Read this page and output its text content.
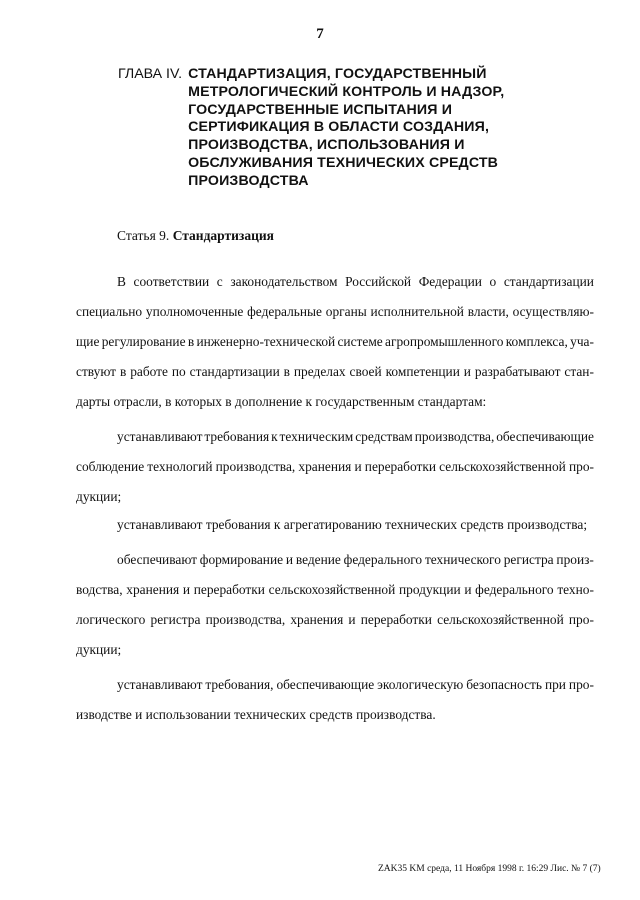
7
ГЛАВА IV. СТАНДАРТИЗАЦИЯ, ГОСУДАРСТВЕННЫЙ
МЕТРОЛОГИЧЕСКИЙ КОНТРОЛЬ И НАДЗОР,
ГОСУДАРСТВЕННЫЕ ИСПЫТАНИЯ И
СЕРТИФИКАЦИЯ В ОБЛАСТИ СОЗДАНИЯ,
ПРОИЗВОДСТВА, ИСПОЛЬЗОВАНИЯ И
ОБСЛУЖИВАНИЯ ТЕХНИЧЕСКИХ СРЕДСТВ
ПРОИЗВОДСТВА
Статья 9. Стандартизация
В соответствии с законодательством Российской Федерации о стандартизации
специально уполномоченные федеральные органы исполнительной власти, осуществляю-
щие регулирование в инженерно-технической системе агропромышленного комплекса, уча-
ствуют в работе по стандартизации в пределах своей компетенции и разрабатывают стан-
дарты отрасли, в которых в дополнение к государственным стандартам:
устанавливают требования к техническим средствам производства, обеспечивающие
соблюдение технологий производства, хранения и переработки сельскохозяйственной про-
дукции;
устанавливают требования к агрегатированию технических средств производства;
обеспечивают формирование и ведение федерального технического регистра произ-
водства, хранения и переработки сельскохозяйственной продукции и федерального техно-
логического регистра производства, хранения и переработки сельскохозяйственной про-
дукции;
устанавливают требования, обеспечивающие экологическую безопасность при про-
изводстве и использовании технических средств производства.
ZAK35 KM среда, 11 Ноября 1998 г. 16:29 Лис. № 7 (7)
